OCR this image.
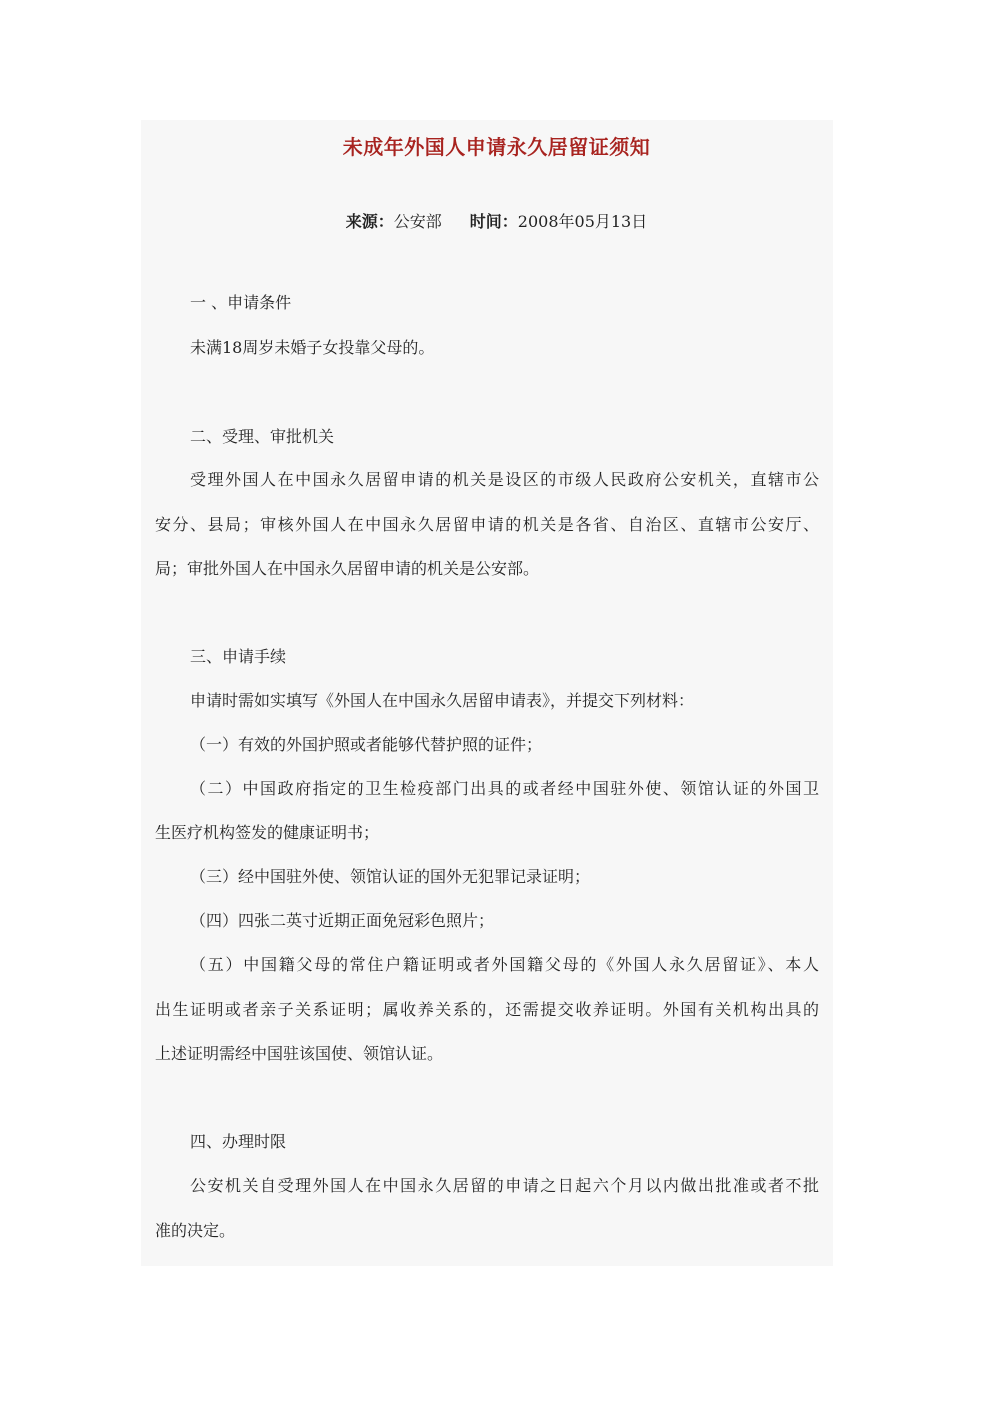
未成年外国人申请永久居留证须知
来源：公安部 时间：2008年05月13日
一 、申请条件
未满18周岁未婚子女投靠父母的。
二、受理、审批机关
受理外国人在中国永久居留申请的机关是设区的市级人民政府公安机关，直辖市公
安分、县局；审核外国人在中国永久居留申请的机关是各省、自治区、直辖市公安厅、
局；审批外国人在中国永久居留申请的机关是公安部。
三、申请手续
申请时需如实填写《外国人在中国永久居留申请表》，并提交下列材料：
（一）有效的外国护照或者能够代替护照的证件；
（二）中国政府指定的卫生检疫部门出具的或者经中国驻外使、领馆认证的外国卫
生医疗机构签发的健康证明书；
（三）经中国驻外使、领馆认证的国外无犯罪记录证明；
（四）四张二英寸近期正面免冠彩色照片；
（五）中国籍父母的常住户籍证明或者外国籍父母的《外国人永久居留证》、本人
出生证明或者亲子关系证明；属收养关系的，还需提交收养证明。外国有关机构出具的
上述证明需经中国驻该国使、领馆认证。
四、办理时限
公安机关自受理外国人在中国永久居留的申请之日起六个月以内做出批准或者不批
准的决定。
